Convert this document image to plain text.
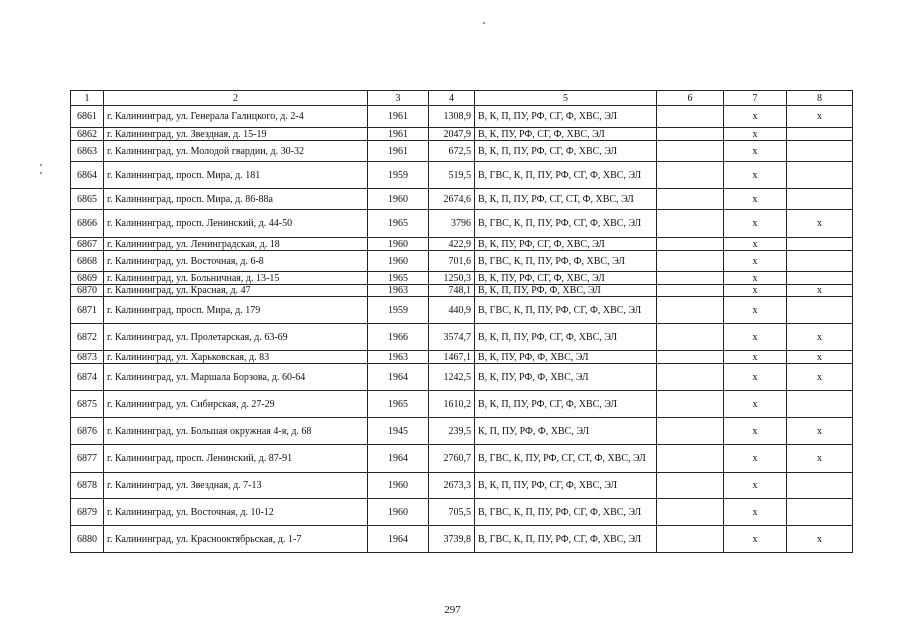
1	2	3	4	5	6	7	8
6861	г. Калининград, ул. Генерала Галицкого, д. 2-4	1961	1308,9	В, К, П, ПУ, РФ, СГ, Ф, ХВС, ЭЛ		х	х
6862	г. Калининград, ул. Звездная, д. 15-19	1961	2047,9	В, К, ПУ, РФ, СГ, Ф, ХВС, ЭЛ		х	
6863	г. Калининград, ул. Молодой гвардии, д. 30-32	1961	672,5	В, К, П, ПУ, РФ, СГ, Ф, ХВС, ЭЛ		х	
6864	г. Калининград, просп. Мира, д. 181	1959	519,5	В, ГВС, К, П, ПУ, РФ, СГ, Ф, ХВС, ЭЛ		х	
6865	г. Калининград, просп. Мира, д. 86-88а	1960	2674,6	В, К, П, ПУ, РФ, СГ, СТ, Ф, ХВС, ЭЛ		х	
6866	г. Калининград, просп. Ленинский, д. 44-50	1965	3796	В, ГВС, К, П, ПУ, РФ, СГ, Ф, ХВС, ЭЛ		х	х
6867	г. Калининград, ул. Ленинградская, д. 18	1960	422,9	В, К, ПУ, РФ, СГ, Ф, ХВС, ЭЛ		х	
6868	г. Калининград, ул. Восточная, д. 6-8	1960	701,6	В, ГВС, К, П, ПУ, РФ, Ф, ХВС, ЭЛ		х	
6869	г. Калининград, ул. Больничная, д. 13-15	1965	1250,3	В, К, ПУ, РФ, СГ, Ф, ХВС, ЭЛ		х	
6870	г. Калининград, ул. Красная, д. 47	1963	748,1	В, К, П, ПУ, РФ, Ф, ХВС, ЭЛ		х	х
6871	г. Калининград, просп. Мира, д. 179	1959	440,9	В, ГВС, К, П, ПУ, РФ, СГ, Ф, ХВС, ЭЛ		х	
6872	г. Калининград, ул. Пролетарская, д. 63-69	1966	3574,7	В, К, П, ПУ, РФ, СГ, Ф, ХВС, ЭЛ		х	х
6873	г. Калининград, ул. Харьковская, д. 83	1963	1467,1	В, К, ПУ, РФ, Ф, ХВС, ЭЛ		х	х
6874	г. Калининград, ул. Маршала Борзова, д. 60-64	1964	1242,5	В, К, ПУ, РФ, Ф, ХВС, ЭЛ		х	х
6875	г. Калининград, ул. Сибирская, д. 27-29	1965	1610,2	В, К, П, ПУ, РФ, СГ, Ф, ХВС, ЭЛ		х	
6876	г. Калининград, ул. Большая окружная 4-я, д. 68	1945	239,5	К, П, ПУ, РФ, Ф, ХВС, ЭЛ		х	х
6877	г. Калининград, просп. Ленинский, д. 87-91	1964	2760,7	В, ГВС, К, ПУ, РФ, СГ, СТ, Ф, ХВС, ЭЛ		х	х
6878	г. Калининград, ул. Звездная, д. 7-13	1960	2673,3	В, К, П, ПУ, РФ, СГ, Ф, ХВС, ЭЛ		х	
6879	г. Калининград, ул. Восточная, д. 10-12	1960	705,5	В, ГВС, К, П, ПУ, РФ, СГ, Ф, ХВС, ЭЛ		х	
6880	г. Калининград, ул. Краснооктябрьская, д. 1-7	1964	3739,8	В, ГВС, К, П, ПУ, РФ, СГ, Ф, ХВС, ЭЛ		х	х
297
